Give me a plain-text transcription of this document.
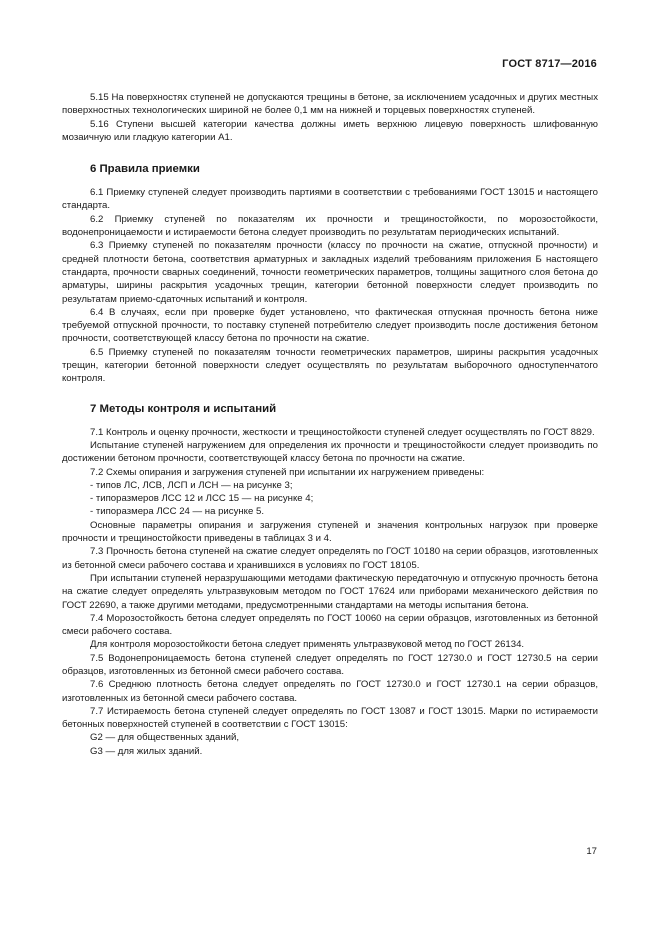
ГОСТ 8717—2016

5.15 На поверхностях ступеней не допускаются трещины в бетоне, за исключением усадочных и других местных поверхностных технологических шириной не более 0,1 мм на нижней и торцевых поверхностях ступеней.

5.16 Ступени высшей категории качества должны иметь верхнюю лицевую поверхность шлифованную мозаичную или гладкую категории А1.

6 Правила приемки

6.1 Приемку ступеней следует производить партиями в соответствии с требованиями ГОСТ 13015 и настоящего стандарта.

6.2 Приемку ступеней по показателям их прочности и трещиностойкости, по морозостойкости, водонепроницаемости и истираемости бетона следует производить по результатам периодических испытаний.

6.3 Приемку ступеней по показателям прочности (классу по прочности на сжатие, отпускной прочности) и средней плотности бетона, соответствия арматурных и закладных изделий требованиям приложения Б настоящего стандарта, прочности сварных соединений, точности геометрических параметров, толщины защитного слоя бетона до арматуры, ширины раскрытия усадочных трещин, категории бетонной поверхности следует производить по результатам приемо-сдаточных испытаний и контроля.

6.4 В случаях, если при проверке будет установлено, что фактическая отпускная прочность бетона ниже требуемой отпускной прочности, то поставку ступеней потребителю следует производить после достижения бетоном прочности, соответствующей классу бетона по прочности на сжатие.

6.5 Приемку ступеней по показателям точности геометрических параметров, ширины раскрытия усадочных трещин, категории бетонной поверхности следует осуществлять по результатам выборочного одноступенчатого контроля.

7 Методы контроля и испытаний

7.1 Контроль и оценку прочности, жесткости и трещиностойкости ступеней следует осуществлять по ГОСТ 8829.

Испытание ступеней нагружением для определения их прочности и трещиностойкости следует производить по достижении бетоном прочности, соответствующей классу бетона по прочности на сжатие.

7.2 Схемы опирания и загружения ступеней при испытании их нагружением приведены:

- типов ЛС, ЛСВ, ЛСП и ЛСН — на рисунке 3;

- типоразмеров ЛСС 12 и ЛСС 15 — на рисунке 4;

- типоразмера ЛСС 24 — на рисунке 5.

Основные параметры опирания и загружения ступеней и значения контрольных нагрузок при проверке прочности и трещиностойкости приведены в таблицах 3 и 4.

7.3 Прочность бетона ступеней на сжатие следует определять по ГОСТ 10180 на серии образцов, изготовленных из бетонной смеси рабочего состава и хранившихся в условиях по ГОСТ 18105.

При испытании ступеней неразрушающими методами фактическую передаточную и отпускную прочность бетона на сжатие следует определять ультразвуковым методом по ГОСТ 17624 или приборами механического действия по ГОСТ 22690, а также другими методами, предусмотренными стандартами на методы испытания бетона.

7.4 Морозостойкость бетона следует определять по ГОСТ 10060 на серии образцов, изготовленных из бетонной смеси рабочего состава.

Для контроля морозостойкости бетона следует применять ультразвуковой метод по ГОСТ 26134.

7.5 Водонепроницаемость бетона ступеней следует определять по ГОСТ 12730.0 и ГОСТ 12730.5 на серии образцов, изготовленных из бетонной смеси рабочего состава.

7.6 Среднюю плотность бетона следует определять по ГОСТ 12730.0 и ГОСТ 12730.1 на серии образцов, изготовленных из бетонной смеси рабочего состава.

7.7 Истираемость бетона ступеней следует определять по ГОСТ 13087 и ГОСТ 13015. Марки по истираемости бетонных поверхностей ступеней в соответствии с ГОСТ 13015:

G2 — для общественных зданий,

G3 — для жилых зданий.

17
